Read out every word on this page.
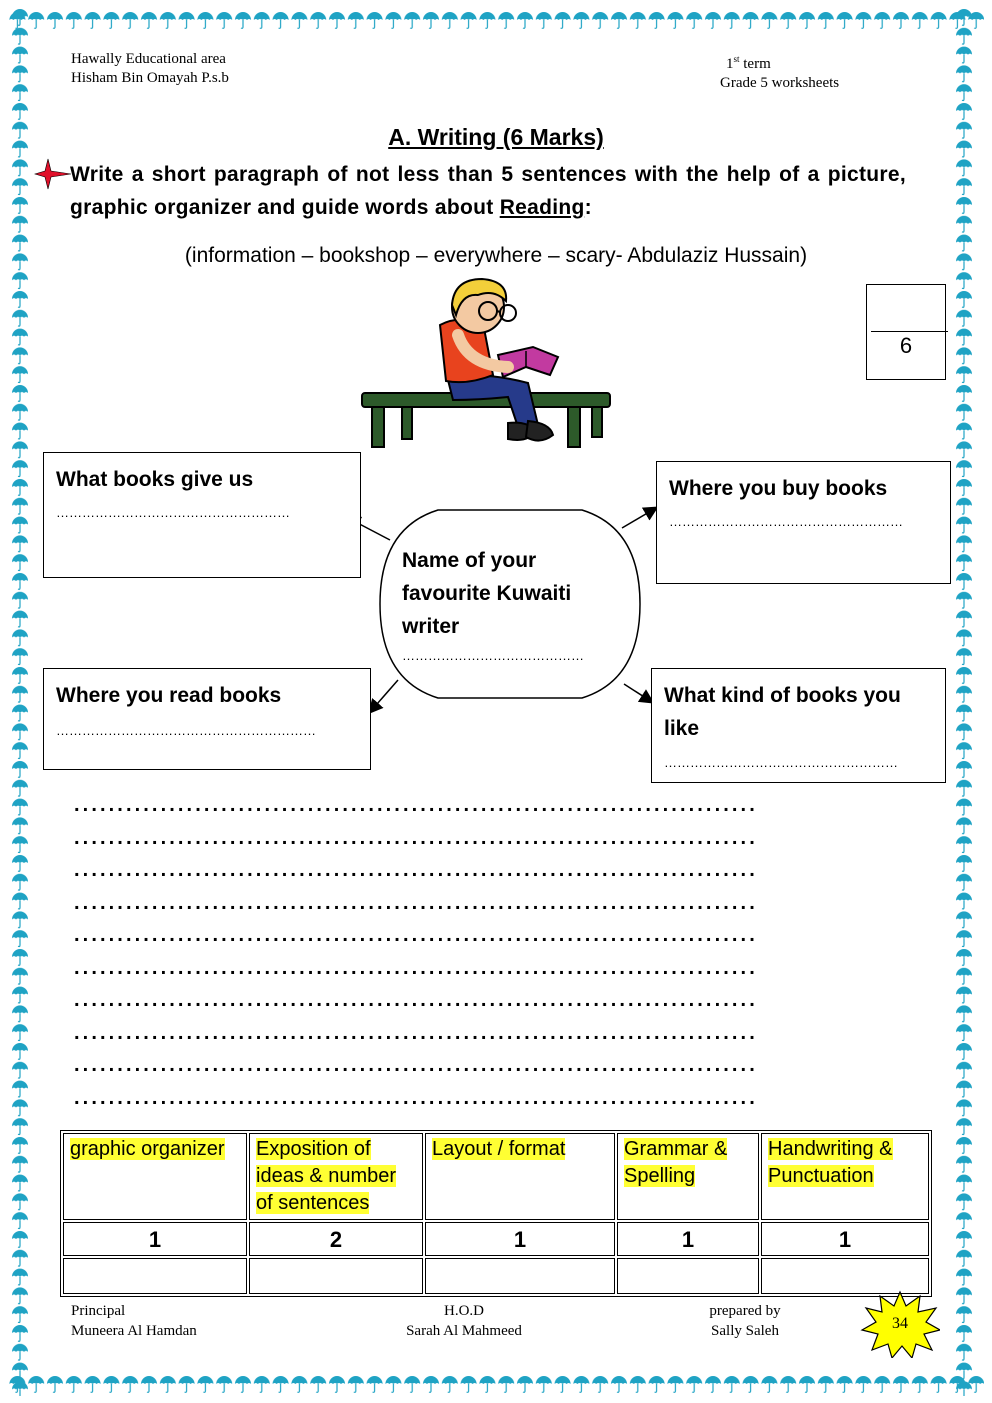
Hawally Educational area
Hisham Bin Omayah P.s.b
1st term
Grade 5 worksheets
A. Writing (6 Marks)
Write a short paragraph of not less than 5 sentences with the help of a picture, graphic organizer and guide words about Reading:
(information – bookshop – everywhere – scary- Abdulaziz Hussain)
6
What books give us
………………………………………………
Where you buy books
………………………………………………
Where you read books
……………………………………………………
What kind of books you like
………………………………………………
Name of your favourite Kuwaiti writer
……………………………………
...............................................................................
...............................................................................
...............................................................................
...............................................................................
...............................................................................
...............................................................................
...............................................................................
...............................................................................
...............................................................................
...............................................................................
graphic organizer	Exposition of ideas & number of sentences	Layout / format	Grammar & Spelling	Handwriting & Punctuation
1	2	1	1	1

Principal
Muneera Al Hamdan
H.O.D
Sarah Al Mahmeed
prepared by
Sally Saleh	34
